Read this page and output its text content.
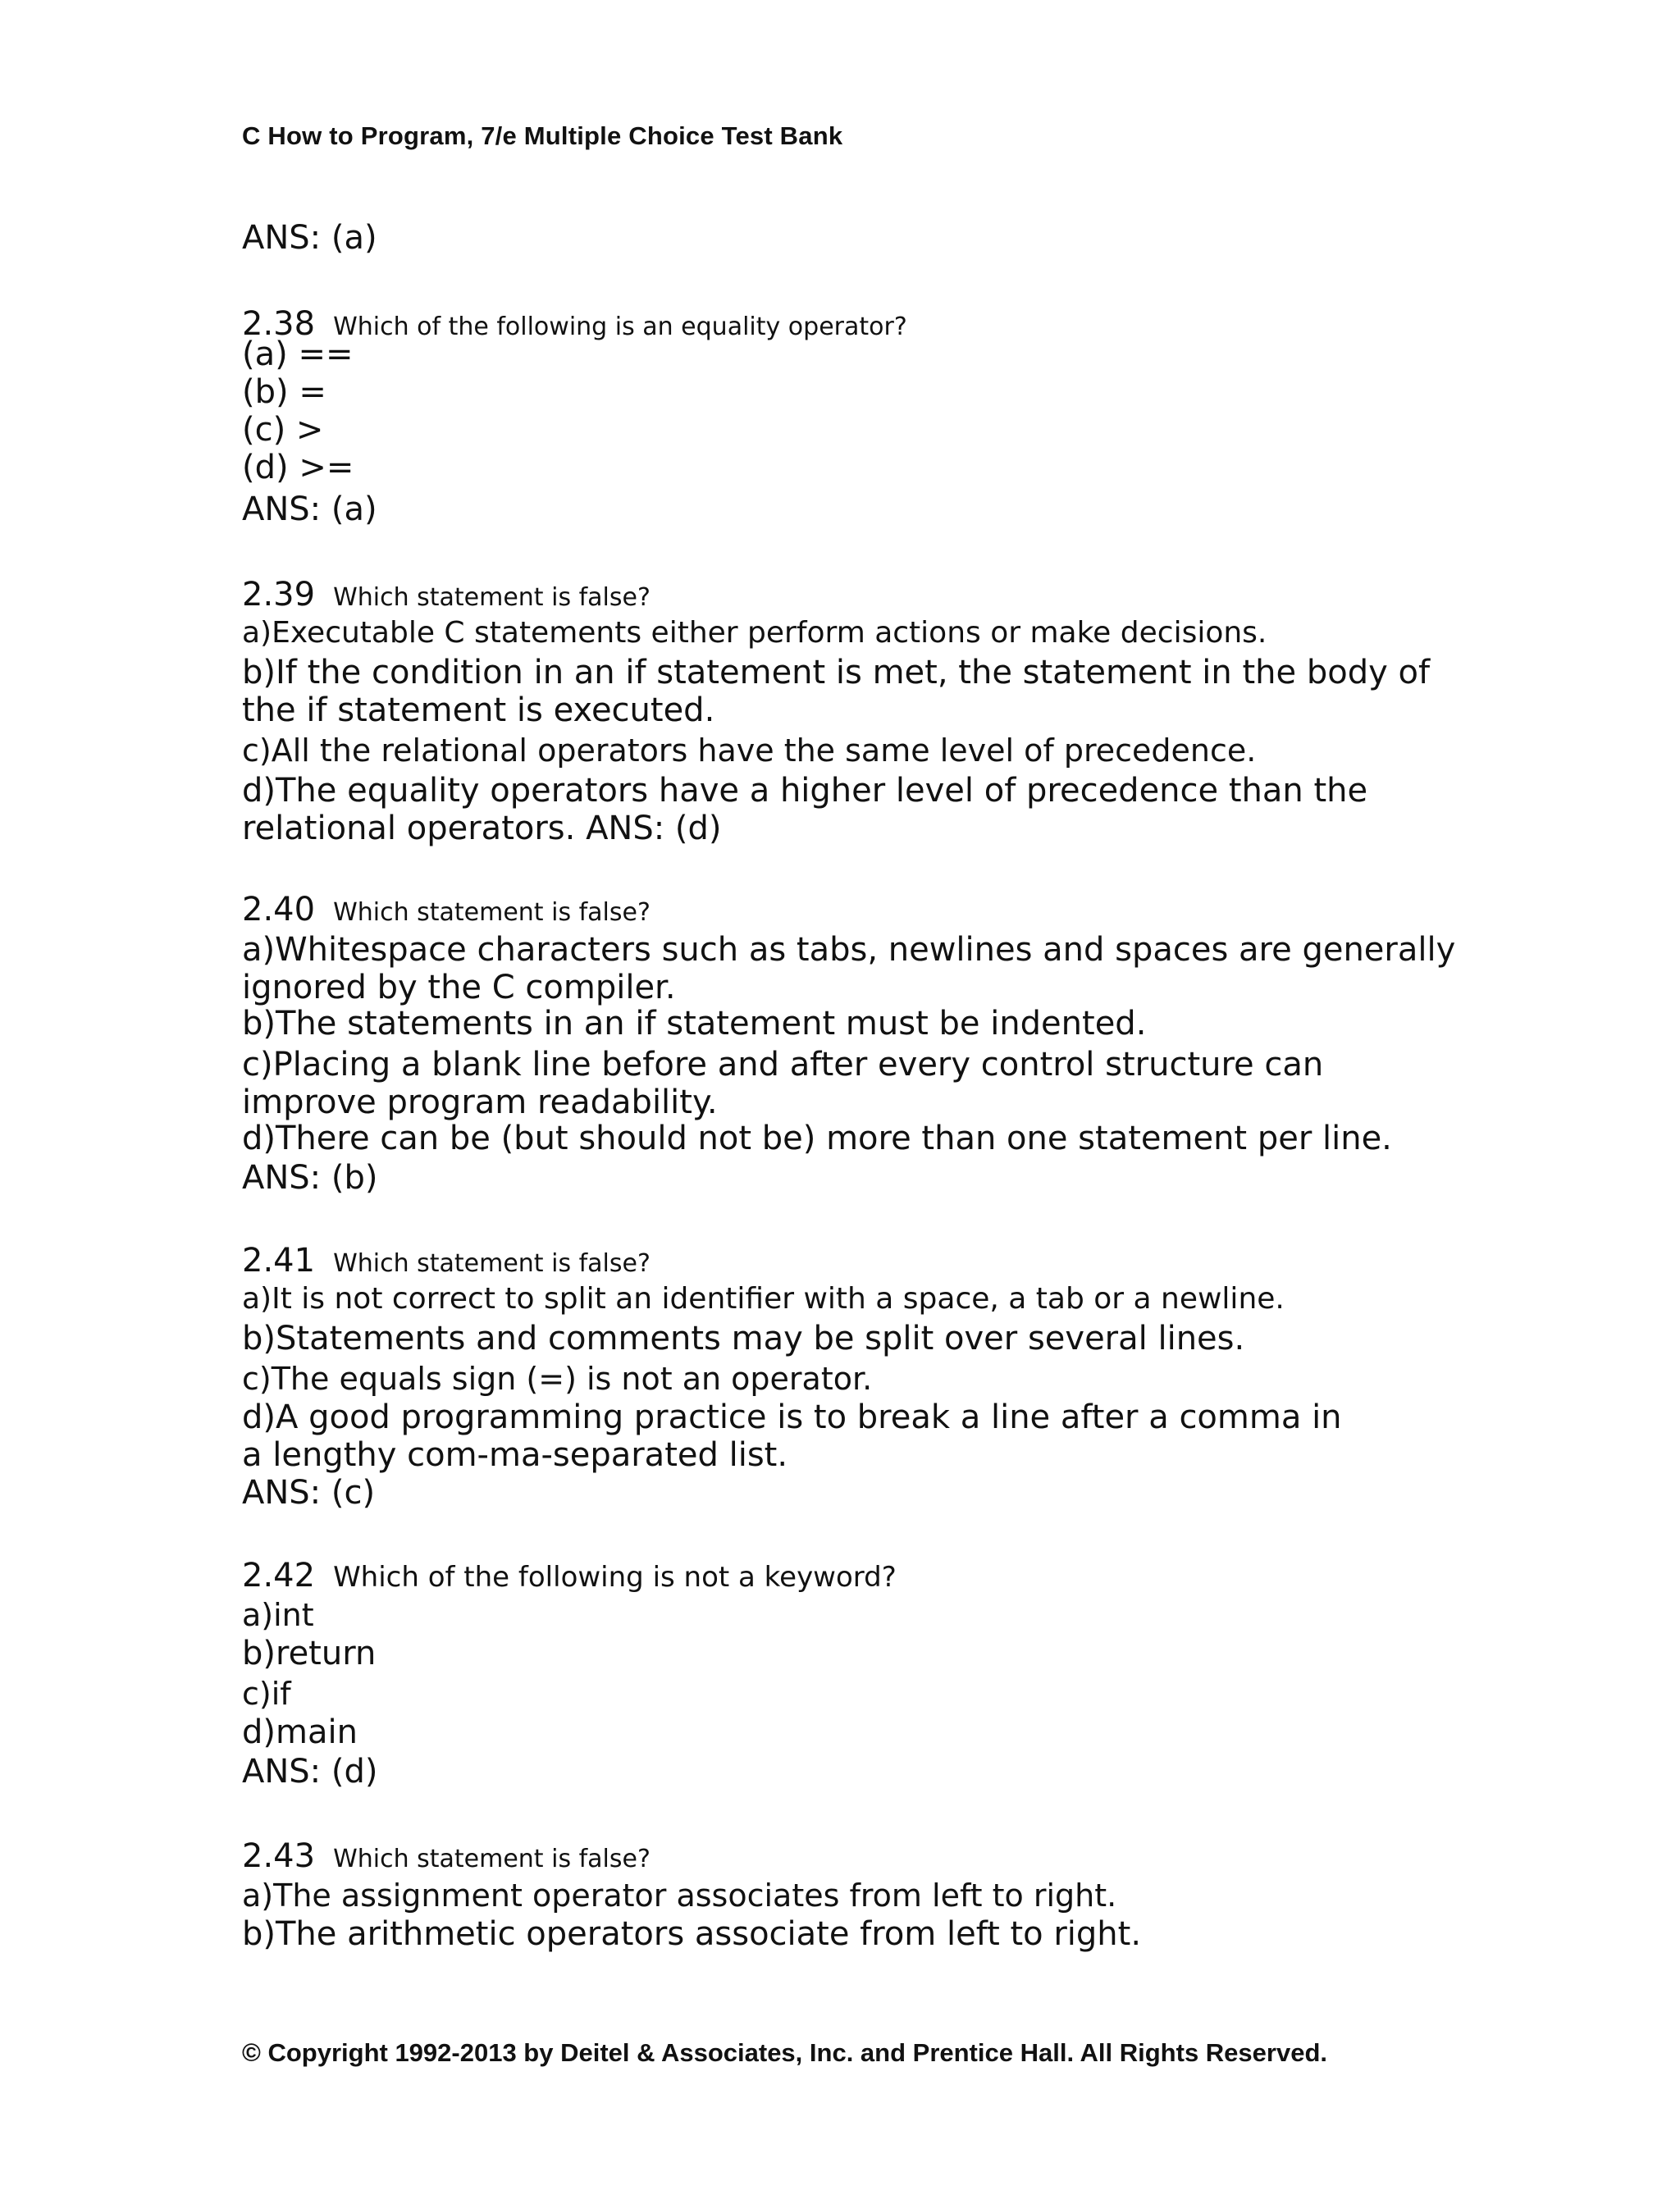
C How to Program, 7/e Multiple Choice Test Bank
ANS: (a)
2.38 Which of the following is an equality operator?
(a) ==
(b) =
(c) >
(d) >=
ANS: (a)
2.39 Which statement is false?
a)Executable C statements either perform actions or make decisions.
b)If the condition in an if statement is met, the statement in the body of
the if statement is executed.
c)All the relational operators have the same level of precedence.
d)The equality operators have a higher level of precedence than the
relational operators. ANS: (d)
2.40 Which statement is false?
a)Whitespace characters such as tabs, newlines and spaces are generally
ignored by the C compiler.
b)The statements in an if statement must be indented.
c)Placing a blank line before and after every control structure can
improve program readability.
d)There can be (but should not be) more than one statement per line.
ANS: (b)
2.41 Which statement is false?
a)It is not correct to split an identifier with a space, a tab or a newline.
b)Statements and comments may be split over several lines.
c)The equals sign (=) is not an operator.
d)A good programming practice is to break a line after a comma in
a lengthy com-ma-separated list.
ANS: (c)
2.42 Which of the following is not a keyword?
a)int
b)return
c)if
d)main
ANS: (d)
2.43 Which statement is false?
a)The assignment operator associates from left to right.
b)The arithmetic operators associate from left to right.
© Copyright 1992-2013 by Deitel & Associates, Inc. and Prentice Hall. All Rights Reserved.
